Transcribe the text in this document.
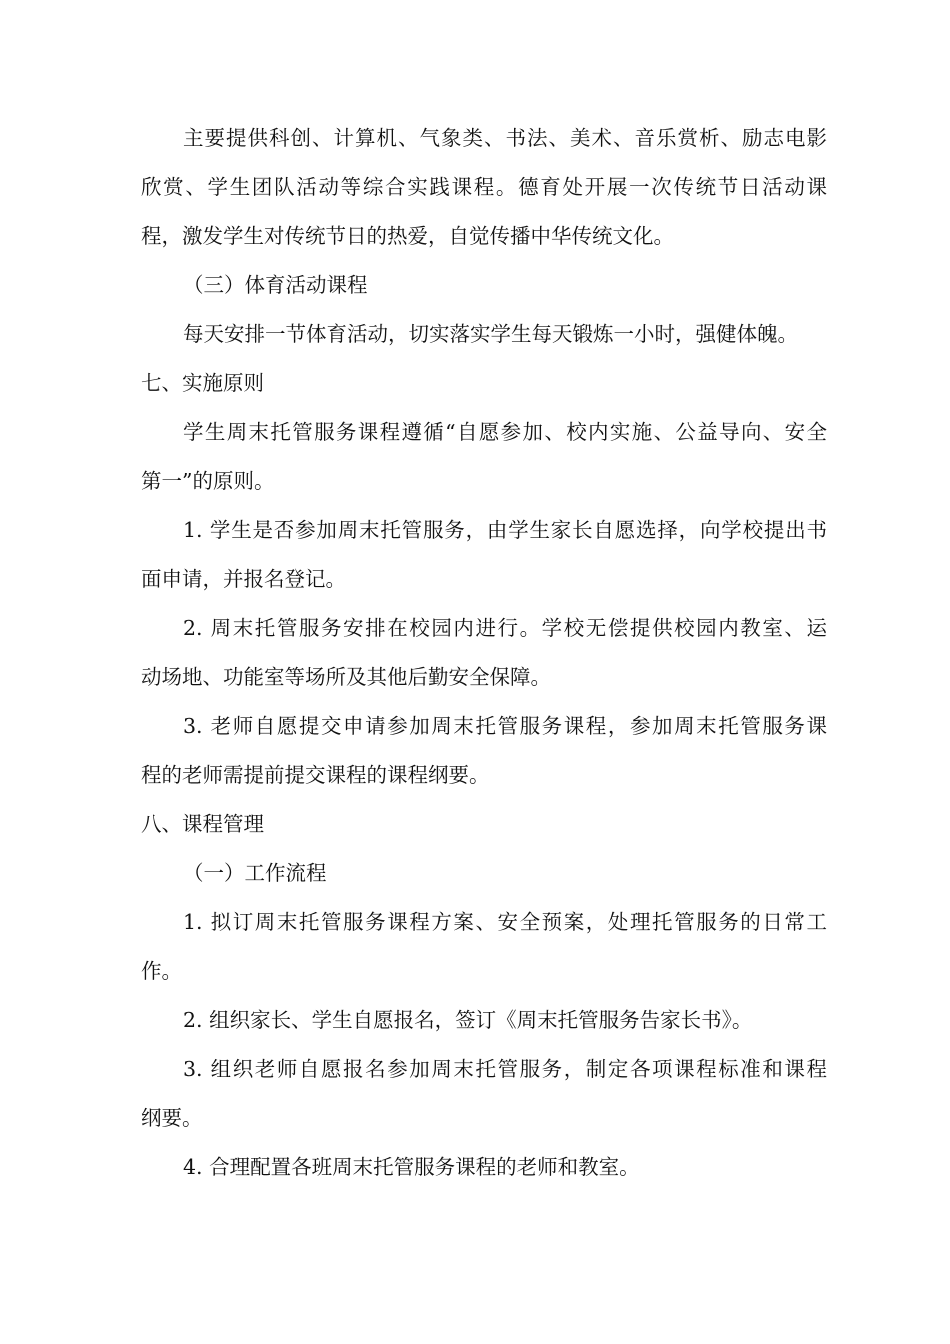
主要提供科创、计算机、气象类、书法、美术、音乐赏析、励志电影
欣赏、学生团队活动等综合实践课程。德育处开展一次传统节日活动课
程，激发学生对传统节日的热爱，自觉传播中华传统文化。
（三）体育活动课程
每天安排一节体育活动，切实落实学生每天锻炼一小时，强健体魄。
七、实施原则
学生周末托管服务课程遵循“自愿参加、校内实施、公益导向、安全
第一”的原则。
1. 学生是否参加周末托管服务，由学生家长自愿选择，向学校提出书
面申请，并报名登记。
2. 周末托管服务安排在校园内进行。学校无偿提供校园内教室、运
动场地、功能室等场所及其他后勤安全保障。
3. 老师自愿提交申请参加周末托管服务课程，参加周末托管服务课
程的老师需提前提交课程的课程纲要。
八、课程管理
（一）工作流程
1. 拟订周末托管服务课程方案、安全预案，处理托管服务的日常工
作。
2. 组织家长、学生自愿报名，签订《周末托管服务告家长书》。
3. 组织老师自愿报名参加周末托管服务，制定各项课程标准和课程
纲要。
4. 合理配置各班周末托管服务课程的老师和教室。
